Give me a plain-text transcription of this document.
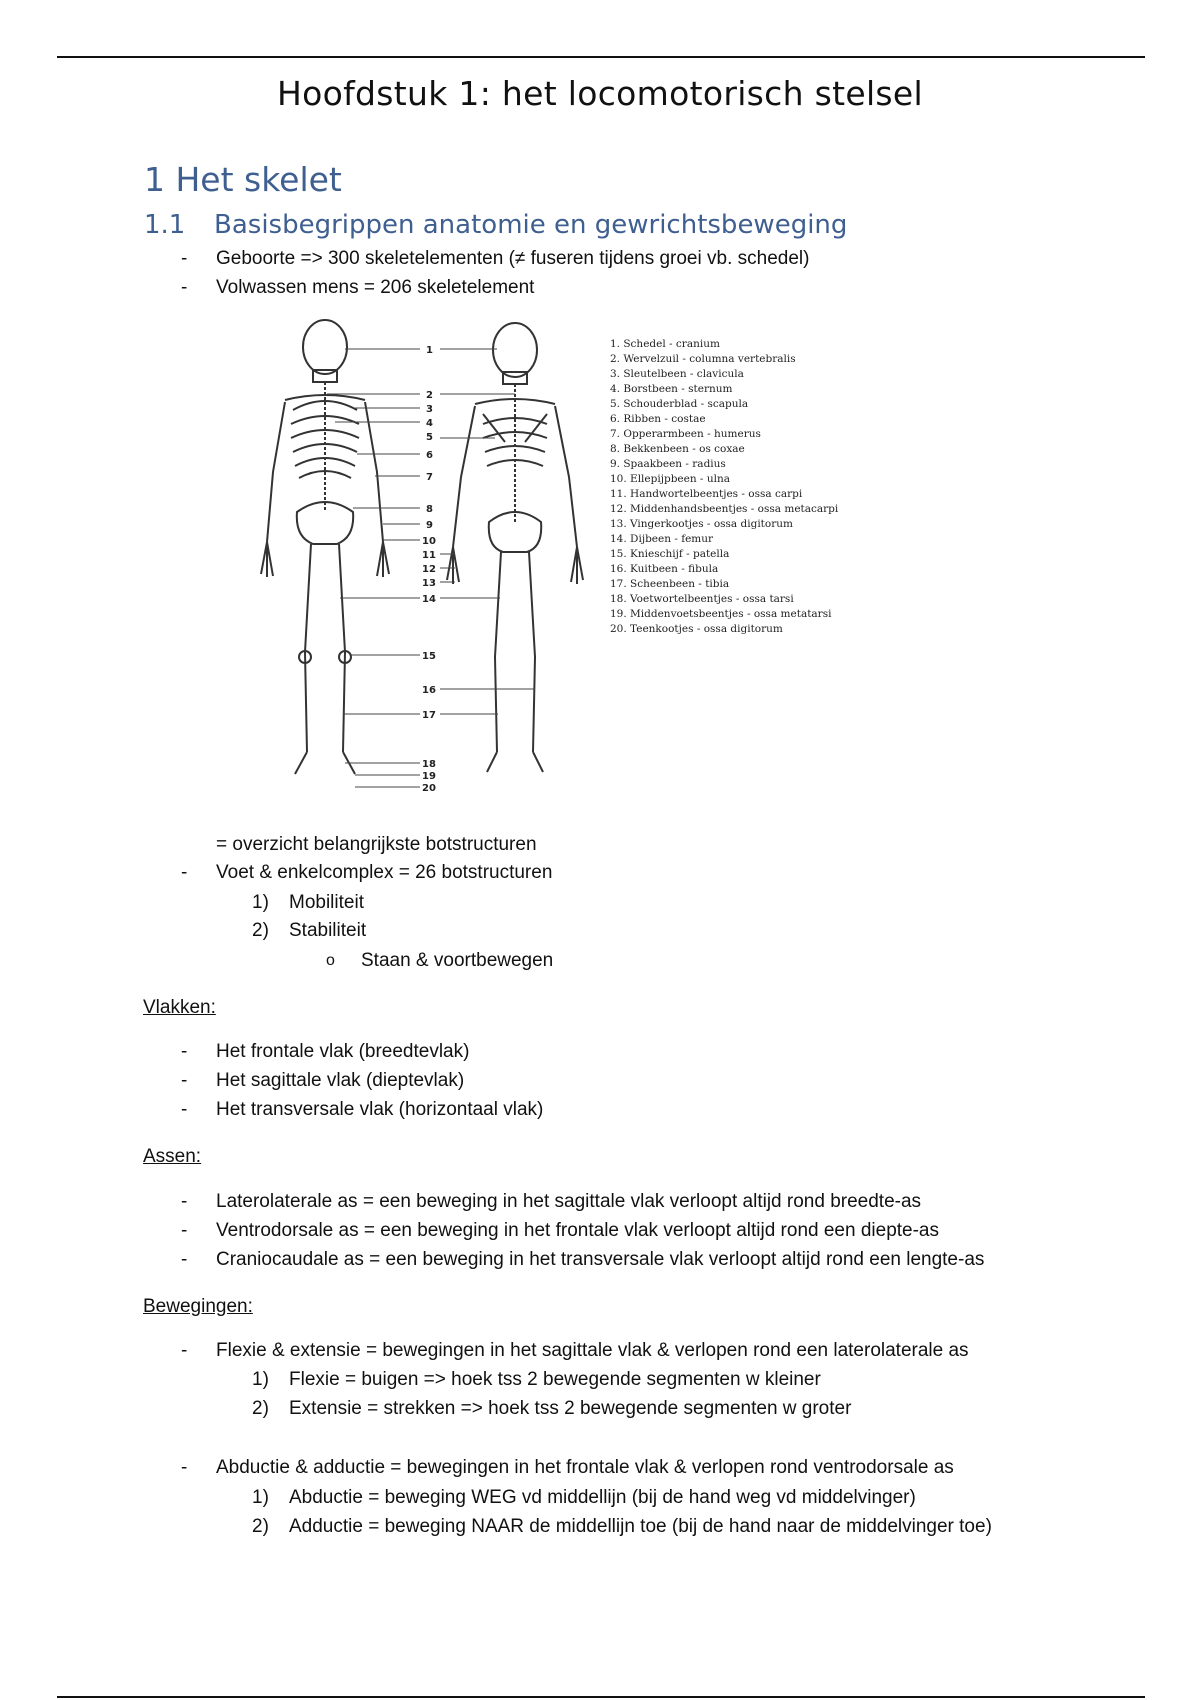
Hoofdstuk 1: het locomotorisch stelsel
1 Het skelet
1.1 Basisbegrippen anatomie en gewrichtsbeweging
- Geboorte => 300 skeletelementen (≠ fuseren tijdens groei vb. schedel)
- Volwassen mens = 206 skeletelement
1
2
3
4
5
6
7
8
9
10
11
12
13
14
15
16
17
18
19
20
1. Schedel - cranium
2. Wervelzuil - columna vertebralis
3. Sleutelbeen - clavicula
4. Borstbeen - sternum
5. Schouderblad - scapula
6. Ribben - costae
7. Opperarmbeen - humerus
8. Bekkenbeen - os coxae
9. Spaakbeen - radius
10. Ellepijpbeen - ulna
11. Handwortelbeentjes - ossa carpi
12. Middenhandsbeentjes - ossa metacarpi
13. Vingerkootjes - ossa digitorum
14. Dijbeen - femur
15. Knieschijf - patella
16. Kuitbeen - fibula
17. Scheenbeen - tibia
18. Voetwortelbeentjes - ossa tarsi
19. Middenvoetsbeentjes - ossa metatarsi
20. Teenkootjes - ossa digitorum
= overzicht belangrijkste botstructuren
- Voet & enkelcomplex = 26 botstructuren
1) Mobiliteit
2) Stabiliteit
o Staan & voortbewegen
Vlakken:
- Het frontale vlak (breedtevlak)
- Het sagittale vlak (dieptevlak)
- Het transversale vlak (horizontaal vlak)
Assen:
- Laterolaterale as = een beweging in het sagittale vlak verloopt altijd rond breedte-as
- Ventrodorsale as = een beweging in het frontale vlak verloopt altijd rond een diepte-as
- Craniocaudale as = een beweging in het transversale vlak verloopt altijd rond een lengte-as
Bewegingen:
- Flexie & extensie = bewegingen in het sagittale vlak & verlopen rond een laterolaterale as
1) Flexie = buigen => hoek tss 2 bewegende segmenten w kleiner
2) Extensie = strekken => hoek tss 2 bewegende segmenten w groter
- Abductie & adductie = bewegingen in het frontale vlak & verlopen rond ventrodorsale as
1) Abductie = beweging WEG vd middellijn (bij de hand weg vd middelvinger)
2) Adductie = beweging NAAR de middellijn toe (bij de hand naar de middelvinger toe)
